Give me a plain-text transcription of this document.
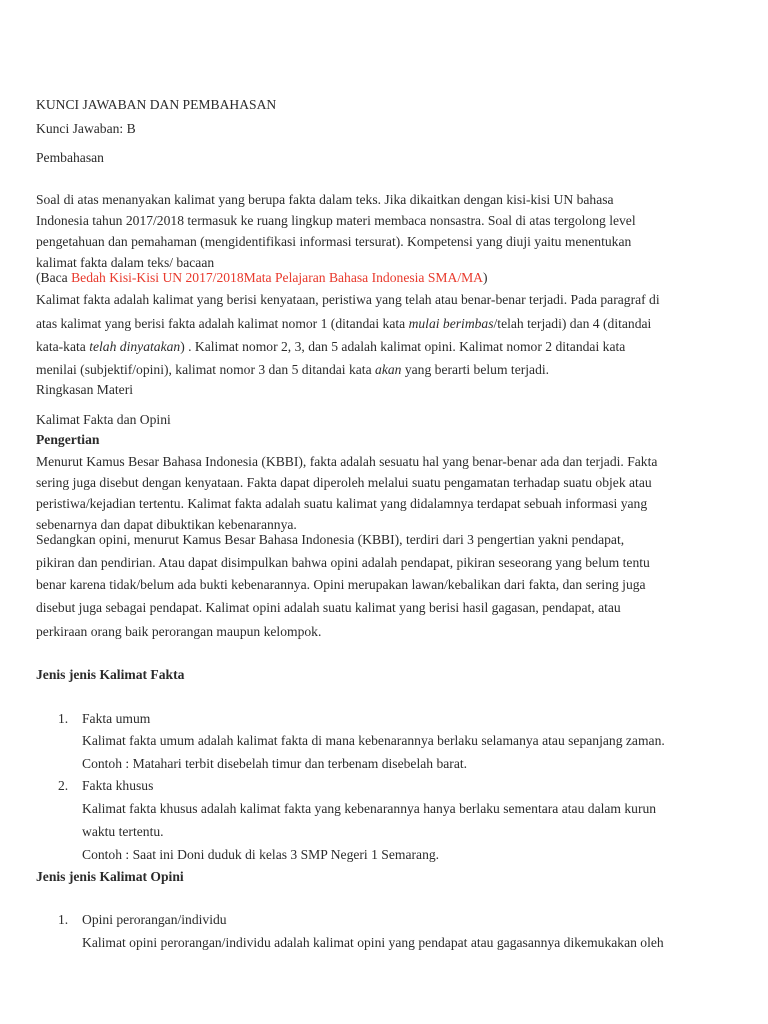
KUNCI JAWABAN DAN PEMBAHASAN
Kunci Jawaban: B
Pembahasan
Soal di atas menanyakan kalimat yang berupa fakta dalam teks. Jika dikaitkan dengan kisi-kisi UN bahasa
Indonesia tahun 2017/2018 termasuk ke ruang lingkup materi membaca nonsastra. Soal di atas tergolong level
pengetahuan dan pemahaman (mengidentifikasi informasi tersurat). Kompetensi yang diuji yaitu menentukan
kalimat fakta dalam teks/ bacaan
(Baca Bedah Kisi-Kisi UN 2017/2018Mata Pelajaran Bahasa Indonesia SMA/MA)
Kalimat fakta adalah kalimat yang berisi kenyataan, peristiwa yang telah atau benar-benar terjadi. Pada paragraf di
atas kalimat yang berisi fakta adalah kalimat nomor 1 (ditandai kata mulai berimbas/telah terjadi) dan 4 (ditandai
kata-kata telah dinyatakan) . Kalimat nomor 2, 3, dan 5 adalah kalimat opini. Kalimat nomor 2 ditandai kata
menilai (subjektif/opini), kalimat nomor 3 dan 5 ditandai kata akan yang berarti belum terjadi.
Ringkasan Materi
Kalimat Fakta dan Opini
Pengertian
Menurut Kamus Besar Bahasa Indonesia (KBBI), fakta adalah sesuatu hal yang benar-benar ada dan terjadi. Fakta
sering juga disebut dengan kenyataan. Fakta dapat diperoleh melalui suatu pengamatan terhadap suatu objek atau
peristiwa/kejadian tertentu. Kalimat fakta adalah suatu kalimat yang didalamnya terdapat sebuah informasi yang
sebenarnya dan dapat dibuktikan kebenarannya.
Sedangkan opini, menurut Kamus Besar Bahasa Indonesia (KBBI), terdiri dari 3 pengertian yakni pendapat,
pikiran dan pendirian. Atau dapat disimpulkan bahwa opini adalah pendapat, pikiran seseorang yang belum tentu
benar karena tidak/belum ada bukti kebenarannya. Opini merupakan lawan/kebalikan dari fakta, dan sering juga
disebut juga sebagai pendapat. Kalimat opini adalah suatu kalimat yang berisi hasil gagasan, pendapat, atau
perkiraan orang baik perorangan maupun kelompok.
Jenis jenis Kalimat Fakta
1. Fakta umum
Kalimat fakta umum adalah kalimat fakta di mana kebenarannya berlaku selamanya atau sepanjang zaman.
Contoh : Matahari terbit disebelah timur dan terbenam disebelah barat.
2. Fakta khusus
Kalimat fakta khusus adalah kalimat fakta yang kebenarannya hanya berlaku sementara atau dalam kurun
waktu tertentu.
Contoh : Saat ini Doni duduk di kelas 3 SMP Negeri 1 Semarang.
Jenis jenis Kalimat Opini
1. Opini perorangan/individu
Kalimat opini perorangan/individu adalah kalimat opini yang pendapat atau gagasannya dikemukakan oleh
